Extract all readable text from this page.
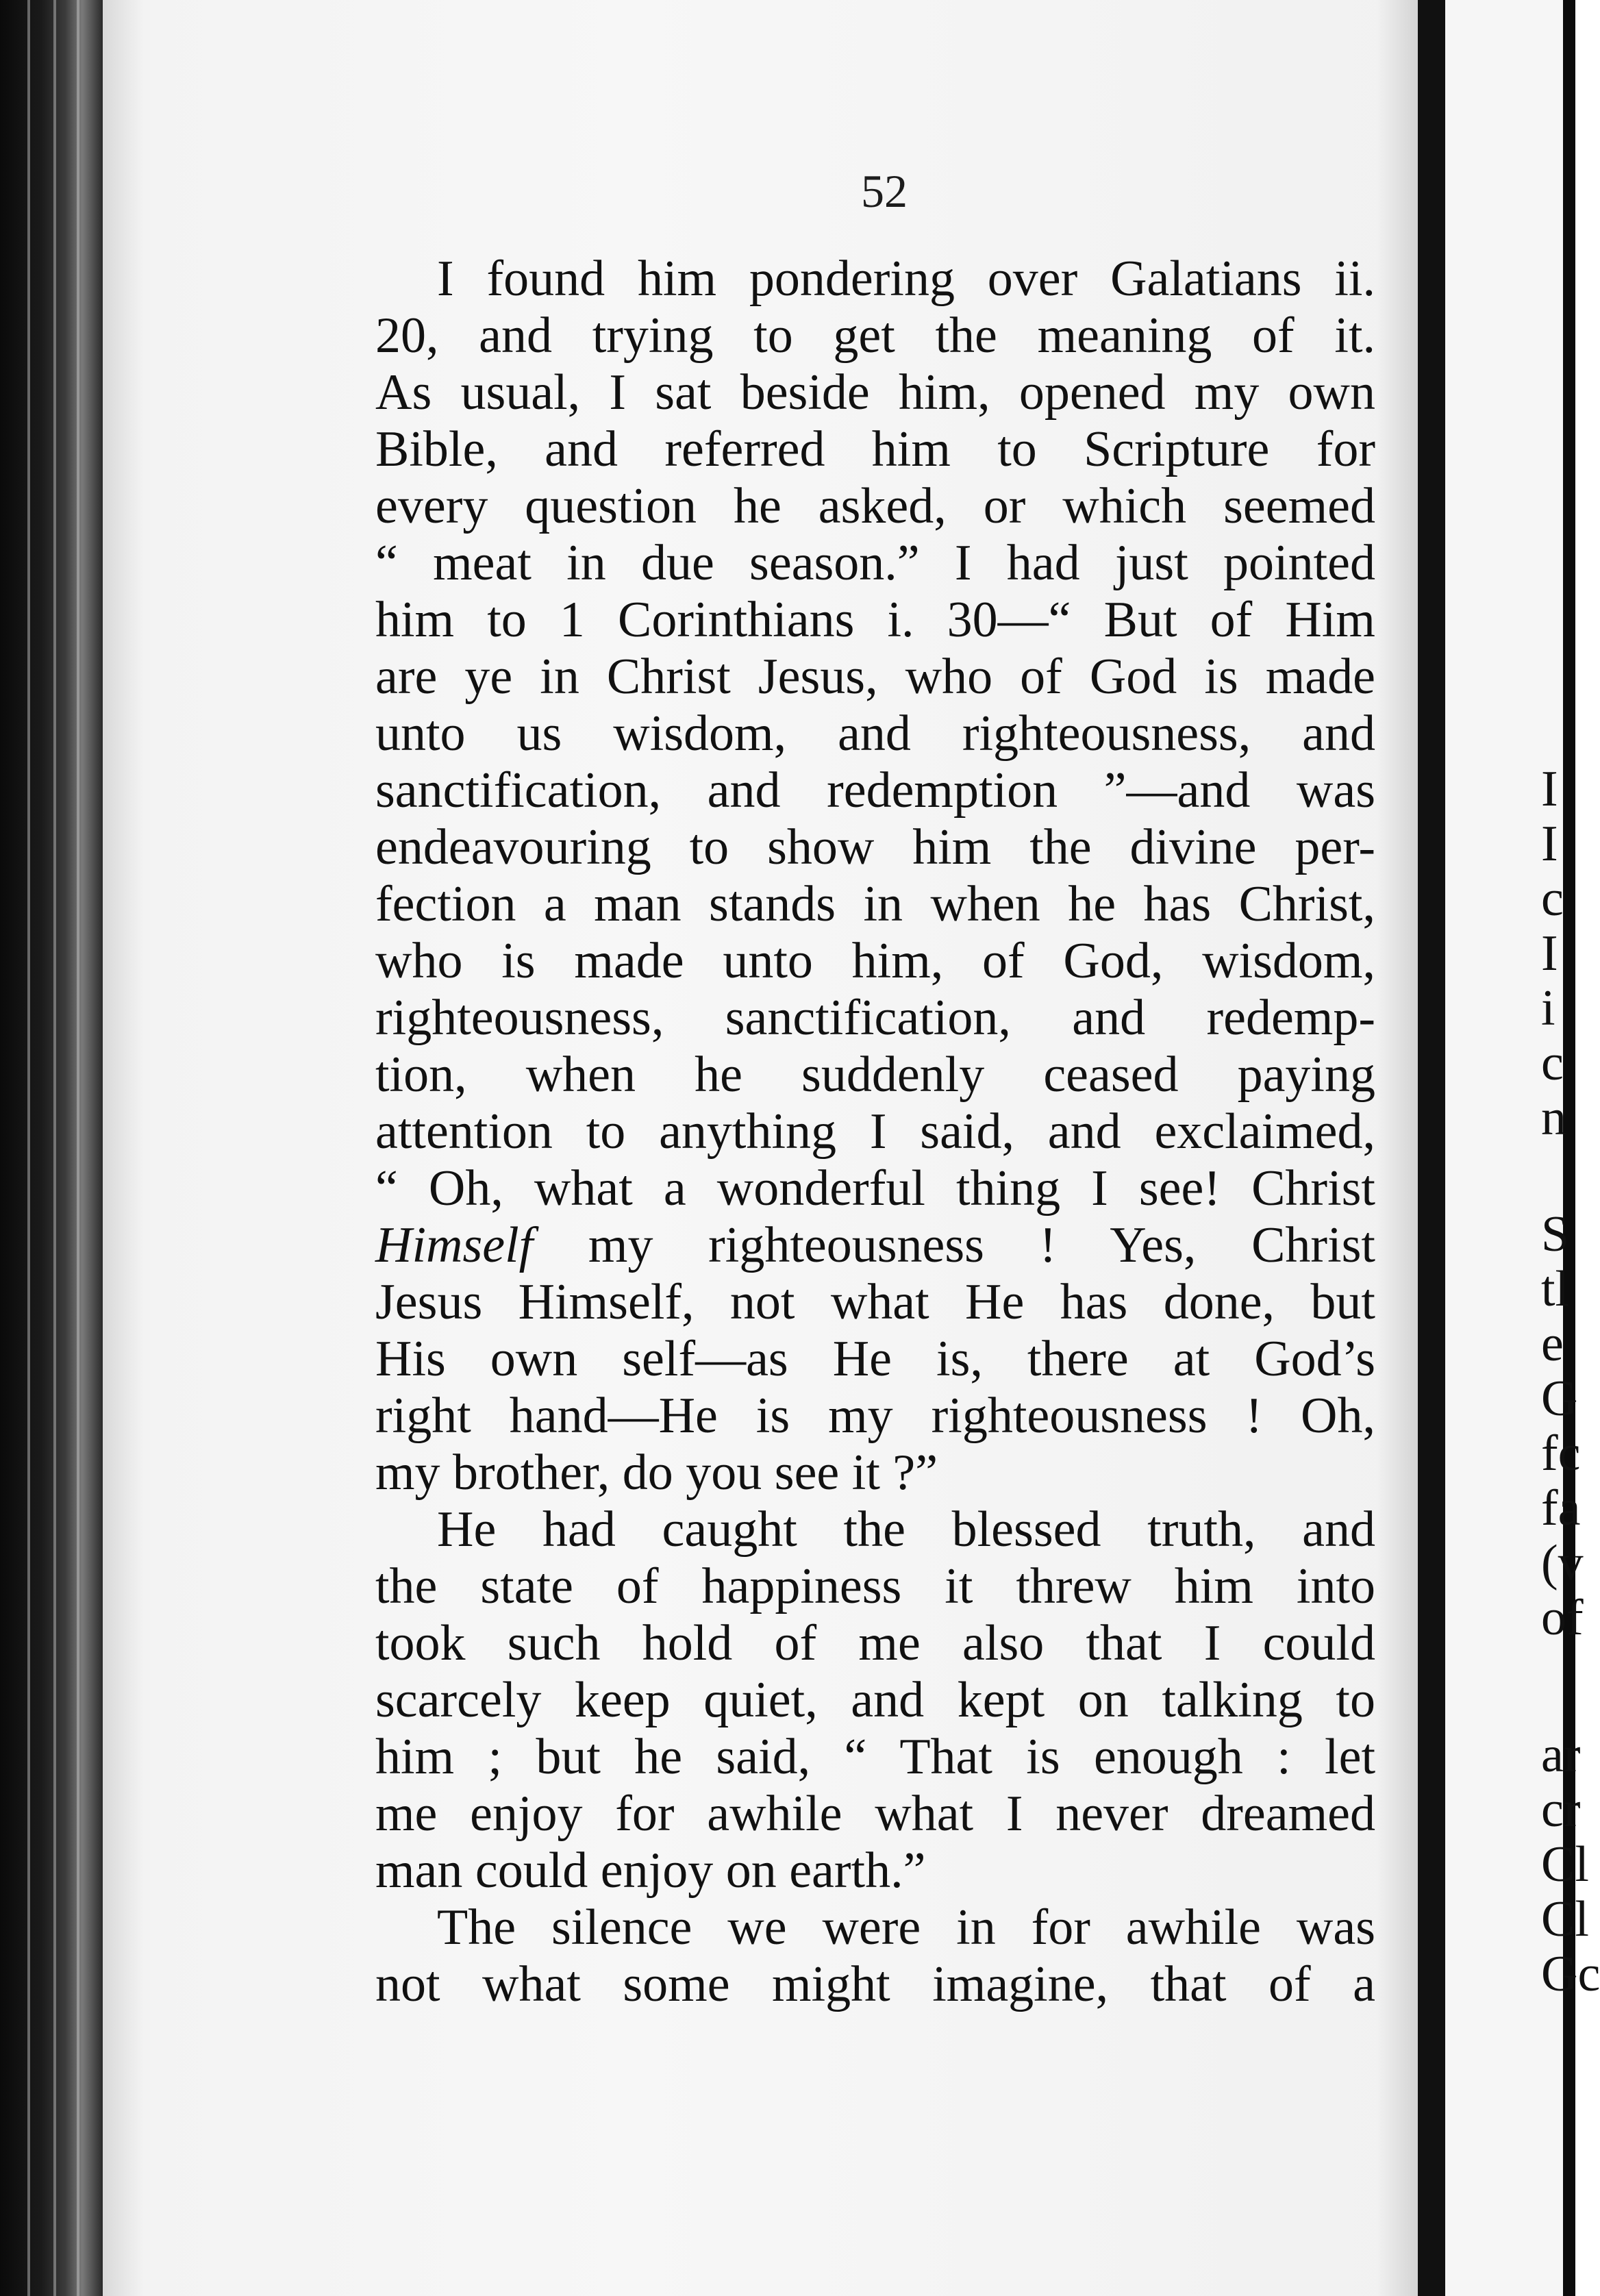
52
I found him pondering over Galatians ii.
20, and trying to get the meaning of it.
As usual, I sat beside him, opened my own
Bible, and referred him to Scripture for
every question he asked, or which seemed
“ meat in due season.” I had just pointed
him to 1 Corinthians i. 30—“ But of Him
are ye in Christ Jesus, who of God is made
unto us wisdom, and righteousness, and
sanctification, and redemption ”—and was
endeavouring to show him the divine per-
fection a man stands in when he has Christ,
who is made unto him, of God, wisdom,
righteousness, sanctification, and redemp-
tion, when he suddenly ceased paying
attention to anything I said, and exclaimed,
“ Oh, what a wonderful thing I see! Christ
Himself my righteousness ! Yes, Christ
Jesus Himself, not what He has done, but
His own self—as He is, there at God’s
right hand—He is my righteousness ! Oh,
my brother, do you see it ?”
He had caught the blessed truth, and
the state of happiness it threw him into
took such hold of me also that I could
scarcely keep quiet, and kept on talking to
him ; but he said, “ That is enough : let
me enjoy for awhile what I never dreamed
man could enjoy on earth.”
The silence we were in for awhile was
not what some might imagine, that of a
I
I
c
I
i
c
n
S
tl
e
G
fc
fa
(v
of
ar
cr
Cl
Cl
Gc
